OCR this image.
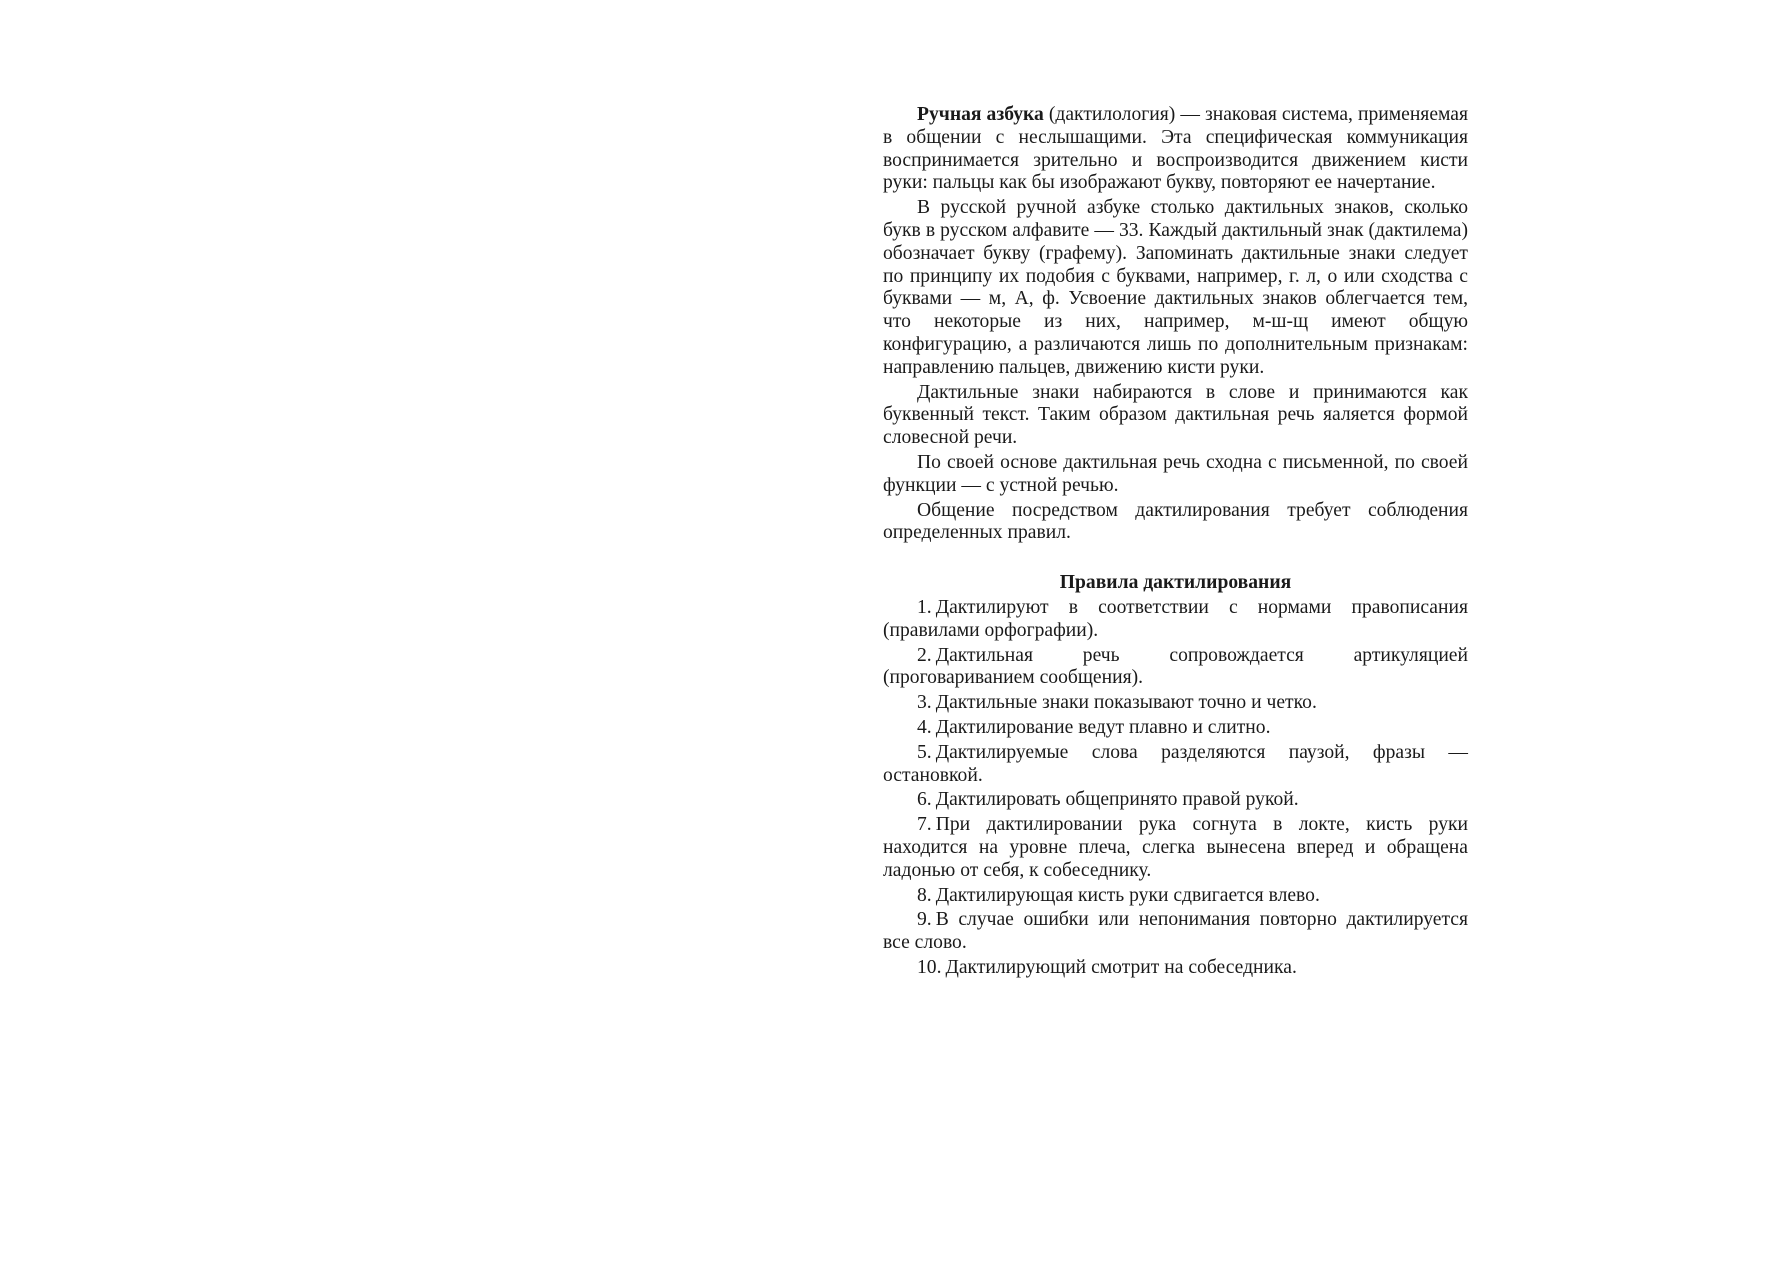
Ручная азбука (дактилология) — знаковая система, применяемая в общении с неслышащими. Эта специфическая коммуникация воспринимается зрительно и воспроизводится движением кисти руки: пальцы как бы изображают букву, повторяют ее начертание.

В русской ручной азбуке столько дактильных знаков, сколько букв в русском алфавите — 33. Каждый дактильный знак (дактилема) обозначает букву (графему). Запоминать дактильные знаки следует по принципу их подобия с буквами, например, г. л, о или сходства с буквами — м, А, ф. Усвоение дактильных знаков облегчается тем, что некоторые из них, например, м-ш-щ имеют общую конфигурацию, а различаются лишь по дополнительным признакам: направлению пальцев, движению кисти руки.

Дактильные знаки набираются в слове и принимаются как буквенный текст. Таким образом дактильная речь яаляется формой словесной речи.

По своей основе дактильная речь сходна с письменной, по своей функции — с устной речью.

Общение посредством дактилирования требует соблюдения определенных правил.

Правила дактилирования

1. Дактилируют в соответствии с нормами правописания (правилами орфографии).

2. Дактильная речь сопровождается артикуляцией (проговариванием сообщения).

3. Дактильные знаки показывают точно и четко.

4. Дактилирование ведут плавно и слитно.

5. Дактилируемые слова разделяются паузой, фразы — остановкой.

6. Дактилировать общепринято правой рукой.

7. При дактилировании рука согнута в локте, кисть руки находится на уровне плеча, слегка вынесена вперед и обращена ладонью от себя, к собеседнику.

8. Дактилирующая кисть руки сдвигается влево.

9. В случае ошибки или непонимания повторно дактилируется все слово.

10. Дактилирующий смотрит на собеседника.
